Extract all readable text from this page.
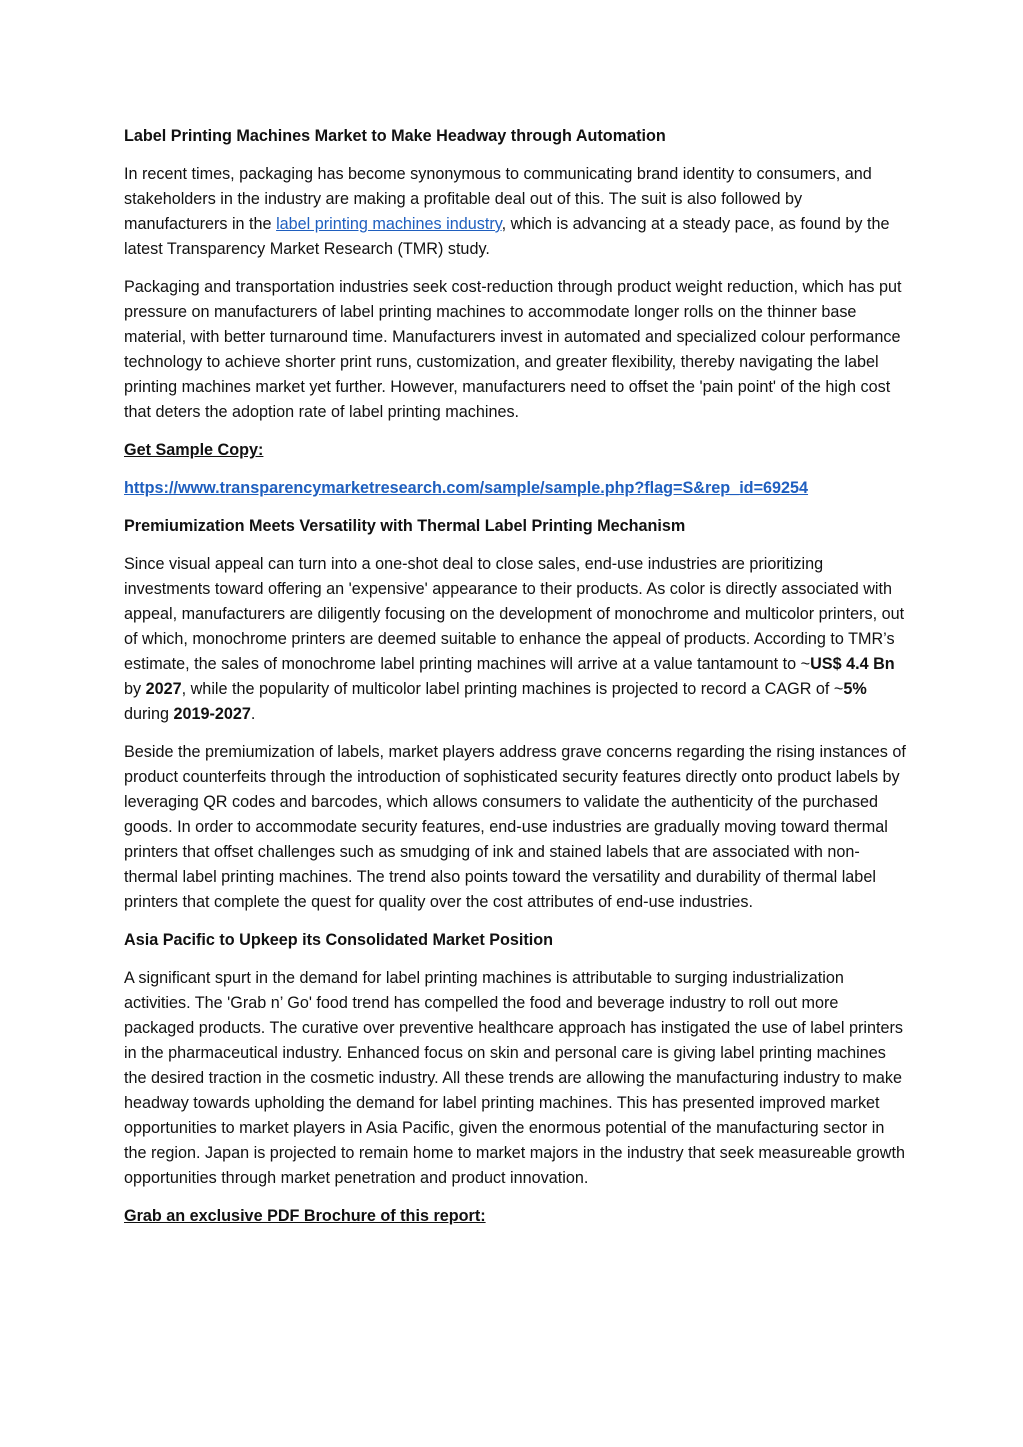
Label Printing Machines Market to Make Headway through Automation

In recent times, packaging has become synonymous to communicating brand identity to consumers, and stakeholders in the industry are making a profitable deal out of this. The suit is also followed by manufacturers in the label printing machines industry, which is advancing at a steady pace, as found by the latest Transparency Market Research (TMR) study.

Packaging and transportation industries seek cost-reduction through product weight reduction, which has put pressure on manufacturers of label printing machines to accommodate longer rolls on the thinner base material, with better turnaround time. Manufacturers invest in automated and specialized colour performance technology to achieve shorter print runs, customization, and greater flexibility, thereby navigating the label printing machines market yet further. However, manufacturers need to offset the 'pain point' of the high cost that deters the adoption rate of label printing machines.

Get Sample Copy:

https://www.transparencymarketresearch.com/sample/sample.php?flag=S&rep_id=69254

Premiumization Meets Versatility with Thermal Label Printing Mechanism

Since visual appeal can turn into a one-shot deal to close sales, end-use industries are prioritizing investments toward offering an 'expensive' appearance to their products. As color is directly associated with appeal, manufacturers are diligently focusing on the development of monochrome and multicolor printers, out of which, monochrome printers are deemed suitable to enhance the appeal of products. According to TMR’s estimate, the sales of monochrome label printing machines will arrive at a value tantamount to ~US$ 4.4 Bn by 2027, while the popularity of multicolor label printing machines is projected to record a CAGR of ~5% during 2019-2027.

Beside the premiumization of labels, market players address grave concerns regarding the rising instances of product counterfeits through the introduction of sophisticated security features directly onto product labels by leveraging QR codes and barcodes, which allows consumers to validate the authenticity of the purchased goods. In order to accommodate security features, end-use industries are gradually moving toward thermal printers that offset challenges such as smudging of ink and stained labels that are associated with non-thermal label printing machines. The trend also points toward the versatility and durability of thermal label printers that complete the quest for quality over the cost attributes of end-use industries.

Asia Pacific to Upkeep its Consolidated Market Position

A significant spurt in the demand for label printing machines is attributable to surging industrialization activities. The 'Grab n’ Go' food trend has compelled the food and beverage industry to roll out more packaged products. The curative over preventive healthcare approach has instigated the use of label printers in the pharmaceutical industry. Enhanced focus on skin and personal care is giving label printing machines the desired traction in the cosmetic industry. All these trends are allowing the manufacturing industry to make headway towards upholding the demand for label printing machines. This has presented improved market opportunities to market players in Asia Pacific, given the enormous potential of the manufacturing sector in the region. Japan is projected to remain home to market majors in the industry that seek measureable growth opportunities through market penetration and product innovation.

Grab an exclusive PDF Brochure of this report:
